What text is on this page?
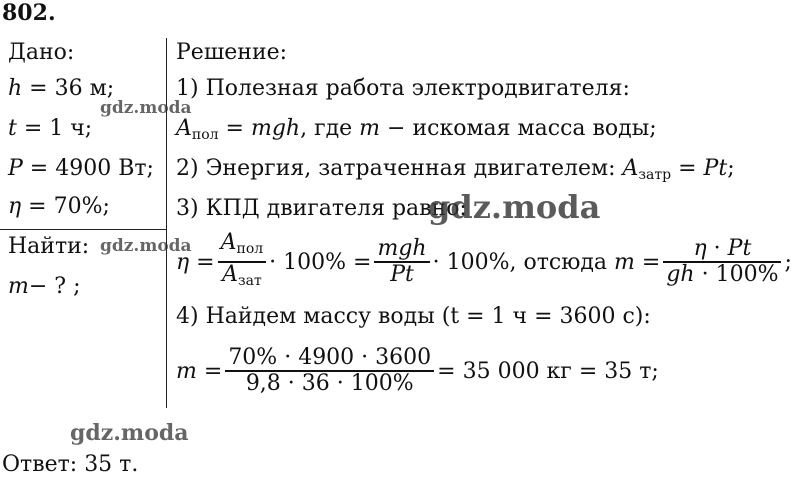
802.
Дано:
h = 36 м;
t = 1 ч;
P = 4900 Вт;
η = 70%;
Найти:
m− ? ;
Решение:
1) Полезная работа электродвигателя:
$A_{пол}$ = mgh, где m − искомая масса воды;
2) Энергия, затраченная двигателем: $A_{затр} = Pt$;
3) КПД двигателя равно:
$\eta = \frac{A_{пол}}{A_{зат}} \cdot 100\% = \frac{\text{mgh}}{Pt} \cdot 100\%$, отсюда $m = \frac{\eta \cdot Pt}{gh \cdot 100\%}$ ;
4) Найдем массу воды (t = 1 ч = 3600 с):
$m = \frac{70\% \cdot 4900 \cdot 3600}{9,8 \cdot 36 \cdot 100\%} = 35$ 000 кг = 35 т;
Ответ: 35 т.
gdz.moda
gdz.moda
gdz.moda
gdz.moda
